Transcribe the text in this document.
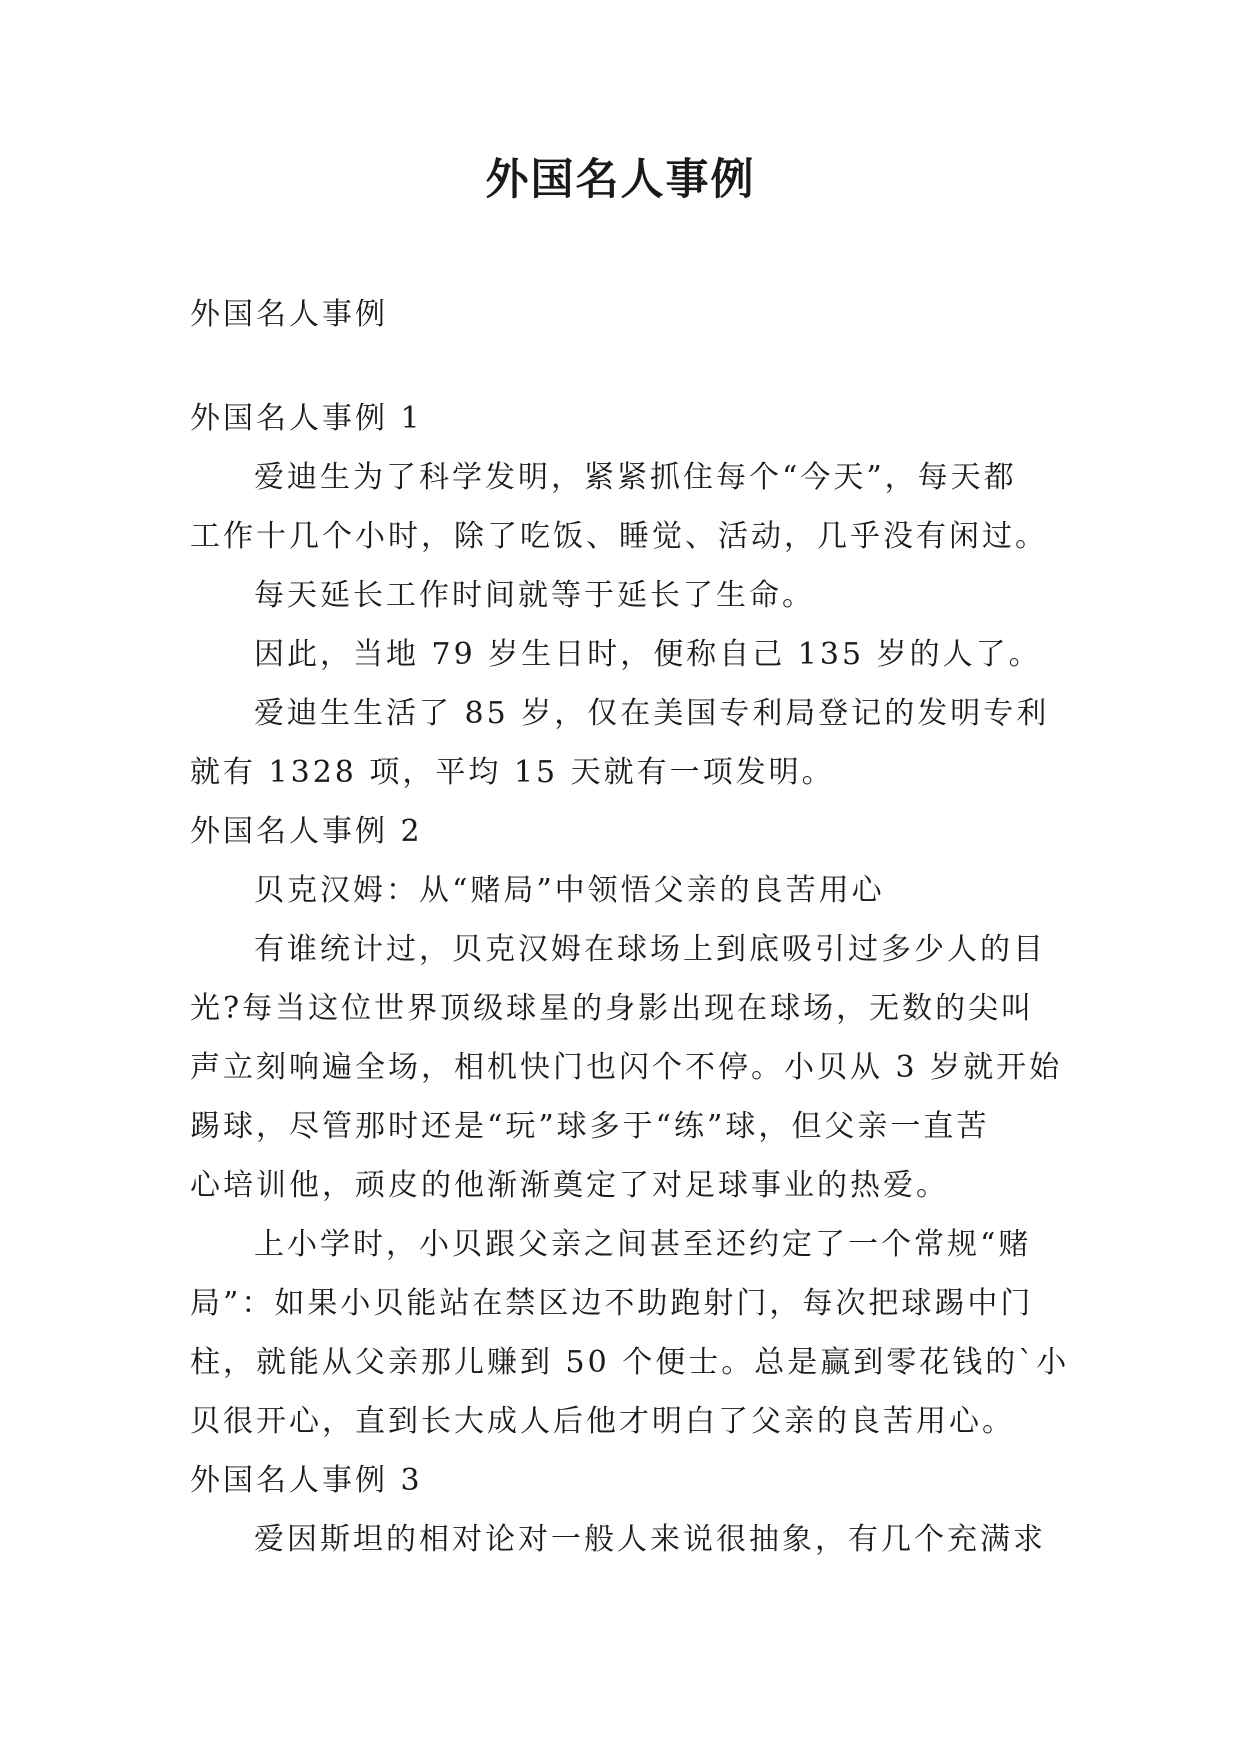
外国名人事例
外国名人事例
外国名人事例 1
爱迪生为了科学发明，紧紧抓住每个“今天”，每天都
工作十几个小时，除了吃饭、睡觉、活动，几乎没有闲过。
每天延长工作时间就等于延长了生命。
因此，当地 79 岁生日时，便称自己 135 岁的人了。
爱迪生生活了 85 岁，仅在美国专利局登记的发明专利
就有 1328 项，平均 15 天就有一项发明。
外国名人事例 2
贝克汉姆：从“赌局”中领悟父亲的良苦用心
有谁统计过，贝克汉姆在球场上到底吸引过多少人的目
光?每当这位世界顶级球星的身影出现在球场，无数的尖叫
声立刻响遍全场，相机快门也闪个不停。小贝从 3 岁就开始
踢球，尽管那时还是“玩”球多于“练”球，但父亲一直苦
心培训他，顽皮的他渐渐奠定了对足球事业的热爱。
上小学时，小贝跟父亲之间甚至还约定了一个常规“赌
局”：如果小贝能站在禁区边不助跑射门，每次把球踢中门
柱，就能从父亲那儿赚到 50 个便士。总是赢到零花钱的`小
贝很开心，直到长大成人后他才明白了父亲的良苦用心。
外国名人事例 3
爱因斯坦的相对论对一般人来说很抽象，有几个充满求
